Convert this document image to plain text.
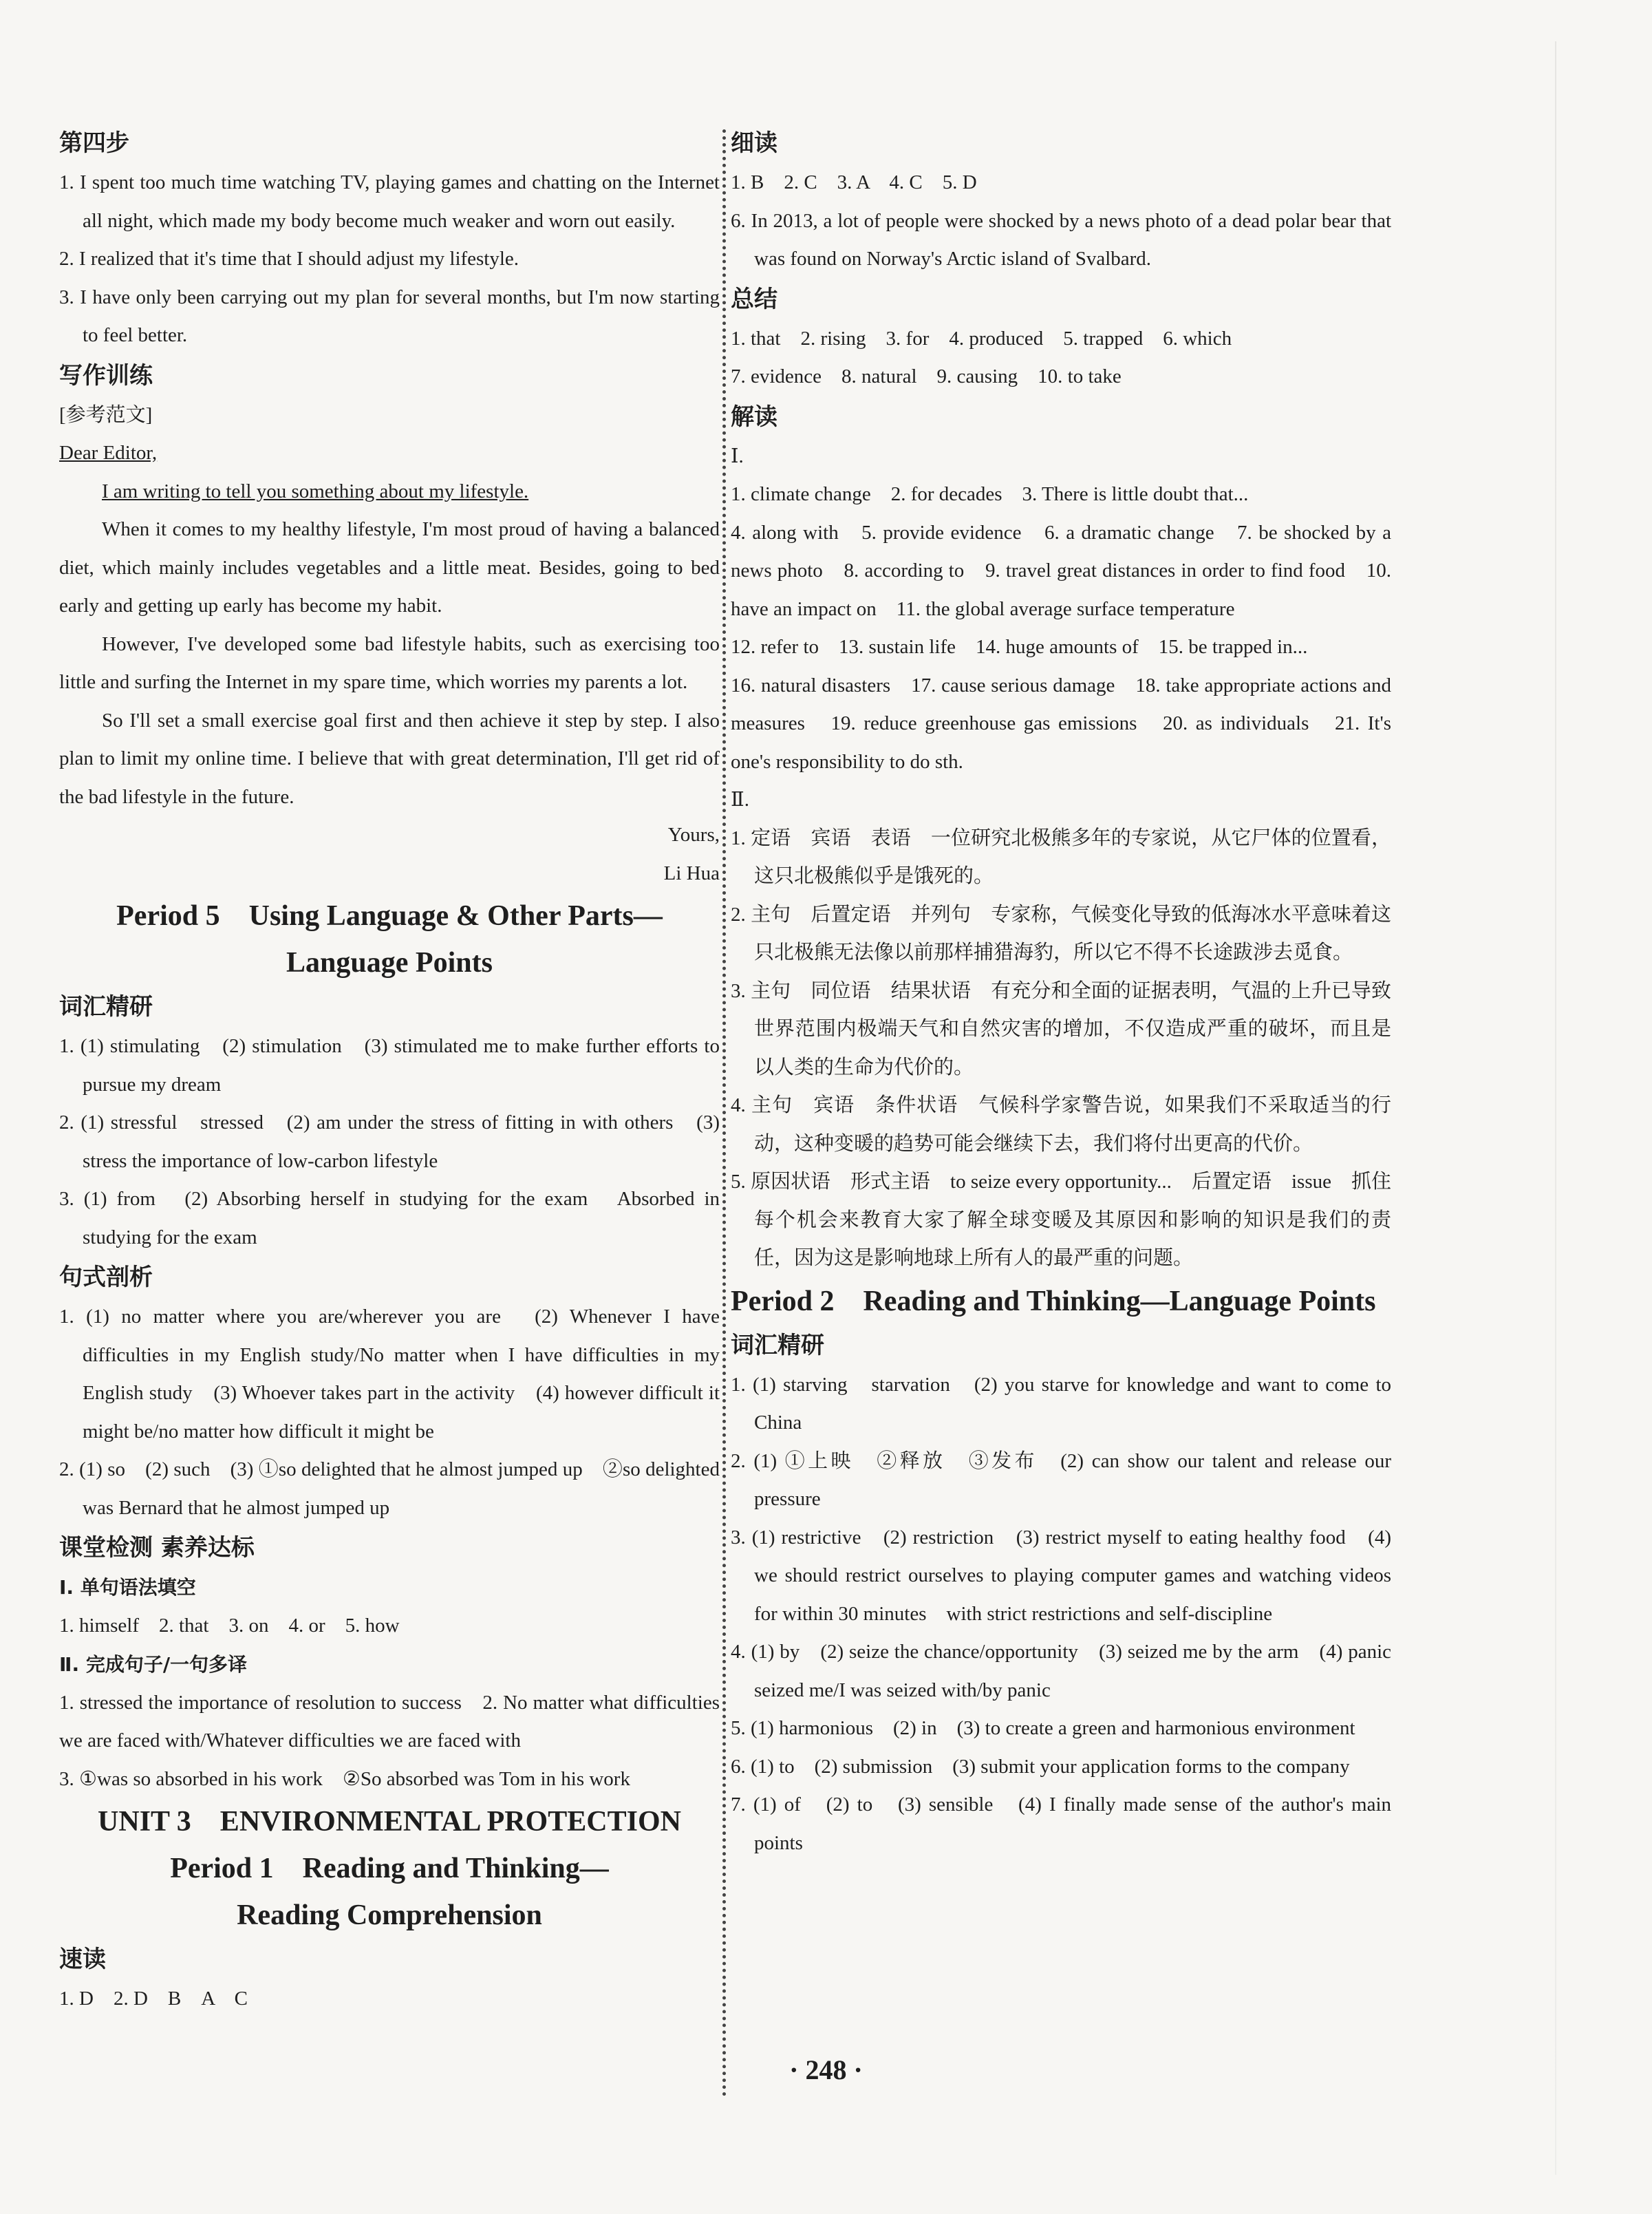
第四步

1. I spent too much time watching TV, playing games and chatting on the Internet all night, which made my body become much weaker and worn out easily.

2. I realized that it's time that I should adjust my lifestyle.

3. I have only been carrying out my plan for several months, but I'm now starting to feel better.

写作训练

[参考范文]

Dear Editor,

I am writing to tell you something about my lifestyle.

When it comes to my healthy lifestyle, I'm most proud of having a balanced diet, which mainly includes vegetables and a little meat. Besides, going to bed early and getting up early has become my habit.

However, I've developed some bad lifestyle habits, such as exercising too little and surfing the Internet in my spare time, which worries my parents a lot.

So I'll set a small exercise goal first and then achieve it step by step. I also plan to limit my online time. I believe that with great determination, I'll get rid of the bad lifestyle in the future.

Yours,

Li Hua

Period 5　Using Language & Other Parts—

Language Points

词汇精研

1. (1) stimulating　(2) stimulation　(3) stimulated me to make further efforts to pursue my dream

2. (1) stressful　stressed　(2) am under the stress of fitting in with others　(3) stress the importance of low-carbon lifestyle

3. (1) from　(2) Absorbing herself in studying for the exam　Absorbed in studying for the exam

句式剖析

1. (1) no matter where you are/wherever you are　(2) Whenever I have difficulties in my English study/No matter when I have difficulties in my English study　(3) Whoever takes part in the activity　(4) however difficult it might be/no matter how difficult it might be

2. (1) so　(2) such　(3) ①so delighted that he almost jumped up　②so delighted was Bernard that he almost jumped up

课堂检测 素养达标

Ⅰ. 单句语法填空

1. himself　2. that　3. on　4. or　5. how

Ⅱ. 完成句子/一句多译

1. stressed the importance of resolution to success　2. No matter what difficulties we are faced with/Whatever difficulties we are faced with

3. ①was so absorbed in his work　②So absorbed was Tom in his work

UNIT 3　ENVIRONMENTAL PROTECTION

Period 1　Reading and Thinking—

Reading Comprehension

速读

1. D　2. D　B　A　C

细读

1. B　2. C　3. A　4. C　5. D

6. In 2013, a lot of people were shocked by a news photo of a dead polar bear that was found on Norway's Arctic island of Svalbard.

总结

1. that　2. rising　3. for　4. produced　5. trapped　6. which

7. evidence　8. natural　9. causing　10. to take

解读

Ⅰ.

1. climate change　2. for decades　3. There is little doubt that...

4. along with　5. provide evidence　6. a dramatic change　7. be shocked by a news photo　8. according to　9. travel great distances in order to find food　10. have an impact on　11. the global average surface temperature

12. refer to　13. sustain life　14. huge amounts of　15. be trapped in...

16. natural disasters　17. cause serious damage　18. take appropriate actions and measures　19. reduce greenhouse gas emissions　20. as individuals　21. It's one's responsibility to do sth.

Ⅱ.

1. 定语　宾语　表语　一位研究北极熊多年的专家说，从它尸体的位置看，这只北极熊似乎是饿死的。

2. 主句　后置定语　并列句　专家称，气候变化导致的低海冰水平意味着这只北极熊无法像以前那样捕猎海豹，所以它不得不长途跋涉去觅食。

3. 主句　同位语　结果状语　有充分和全面的证据表明，气温的上升已导致世界范围内极端天气和自然灾害的增加，不仅造成严重的破坏，而且是以人类的生命为代价的。

4. 主句　宾语　条件状语　气候科学家警告说，如果我们不采取适当的行动，这种变暖的趋势可能会继续下去，我们将付出更高的代价。

5. 原因状语　形式主语　to seize every opportunity...　后置定语　issue　抓住每个机会来教育大家了解全球变暖及其原因和影响的知识是我们的责任，因为这是影响地球上所有人的最严重的问题。

Period 2　Reading and Thinking—Language Points

词汇精研

1. (1) starving　starvation　(2) you starve for knowledge and want to come to China

2. (1) ①上映　②释放　③发布　(2) can show our talent and release our pressure

3. (1) restrictive　(2) restriction　(3) restrict myself to eating healthy food　(4) we should restrict ourselves to playing computer games and watching videos for within 30 minutes　with strict restrictions and self-discipline

4. (1) by　(2) seize the chance/opportunity　(3) seized me by the arm　(4) panic seized me/I was seized with/by panic

5. (1) harmonious　(2) in　(3) to create a green and harmonious environment

6. (1) to　(2) submission　(3) submit your application forms to the company

7. (1) of　(2) to　(3) sensible　(4) I finally made sense of the author's main points

· 248 ·
